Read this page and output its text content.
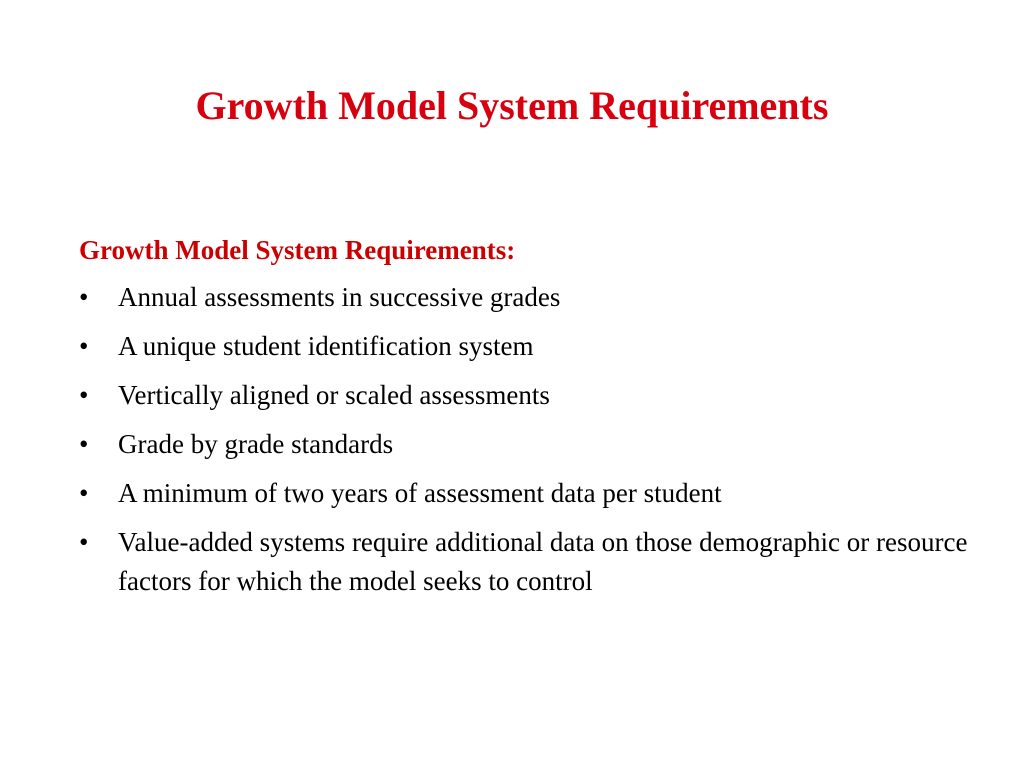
Growth Model System Requirements
Growth Model System Requirements:
•	Annual assessments in successive grades
•	A unique student identification system
•	Vertically aligned or scaled assessments
•	Grade by grade standards
•	A minimum of two years of assessment data per student
•	Value-added systems require additional data on those demographic or resource factors for which the model seeks to control
